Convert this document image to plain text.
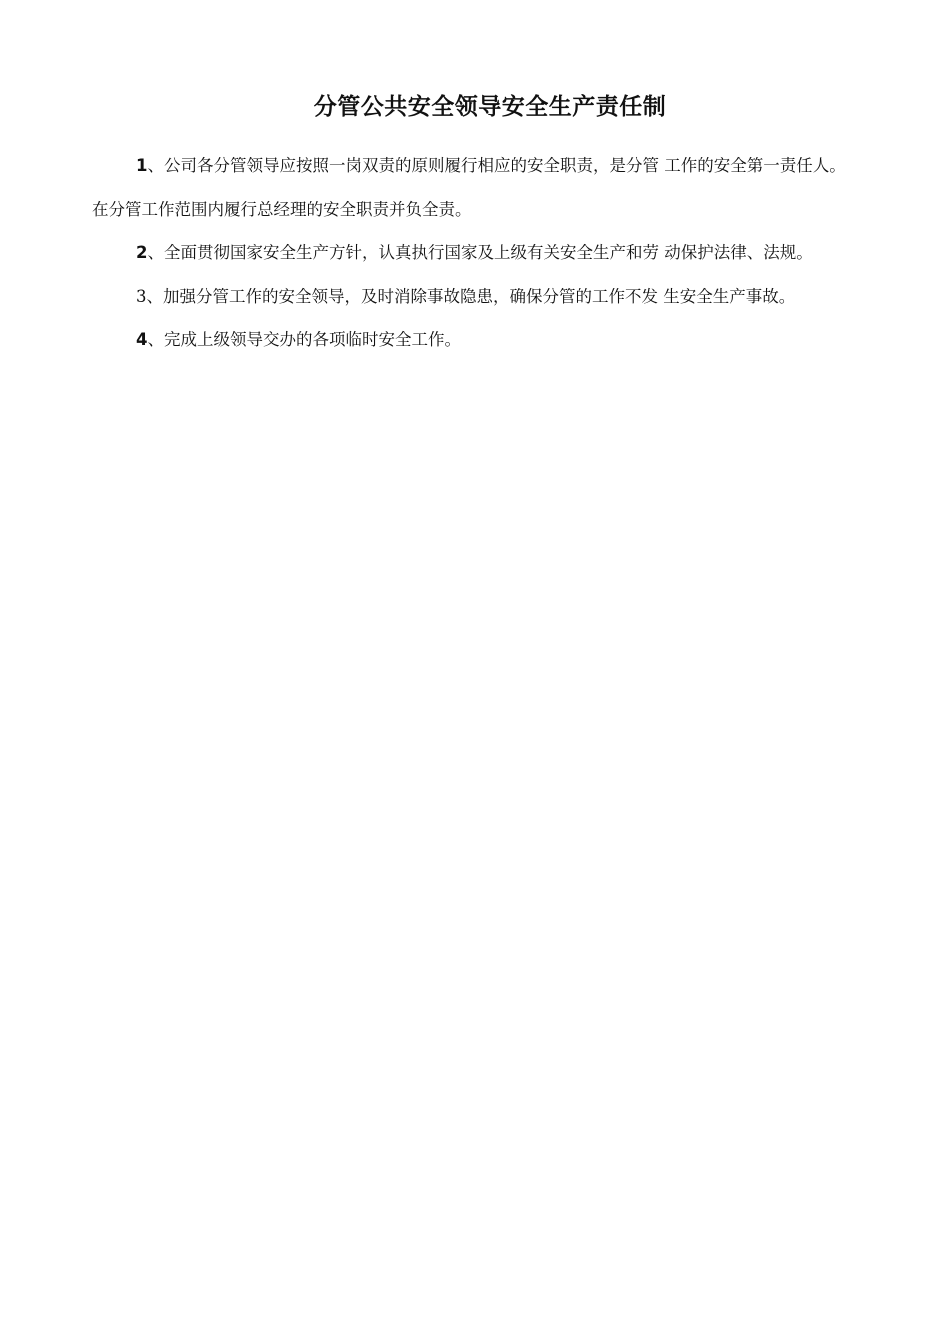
分管公共安全领导安全生产责任制

1、公司各分管领导应按照一岗双责的原则履行相应的安全职责，是分管 工作的安全第一责任人。在分管工作范围内履行总经理的安全职责并负全责。

2、全面贯彻国家安全生产方针，认真执行国家及上级有关安全生产和劳 动保护法律、法规。

3、加强分管工作的安全领导，及时消除事故隐患，确保分管的工作不发 生安全生产事故。

4、完成上级领导交办的各项临时安全工作。
